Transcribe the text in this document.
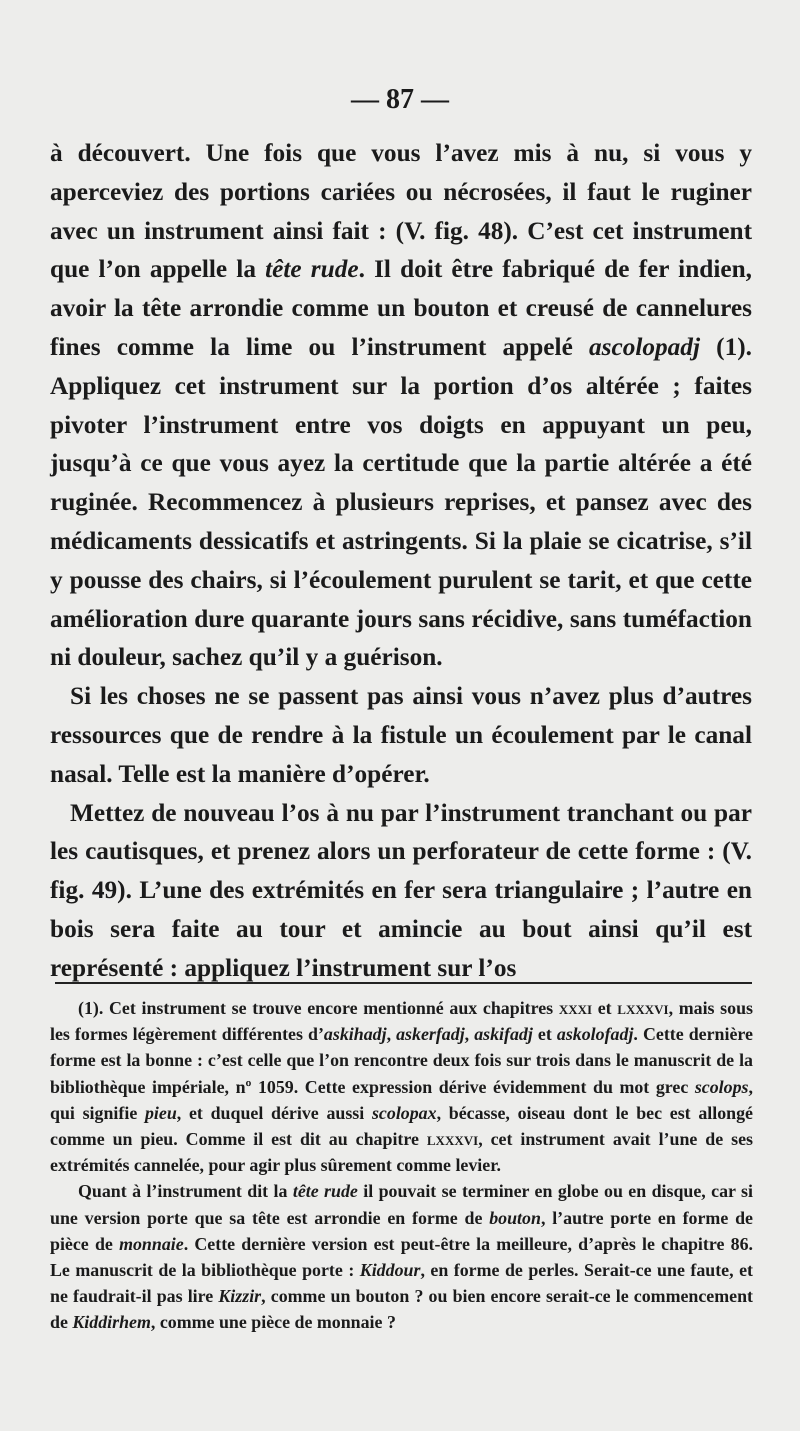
— 87 —

à découvert. Une fois que vous l’avez mis à nu, si vous y aperceviez des portions cariées ou nécrosées, il faut le ruginer avec un instrument ainsi fait : (V. fig. 48). C’est cet instrument que l’on appelle la tête rude. Il doit être fabriqué de fer indien, avoir la tête arrondie comme un bouton et creusé de cannelures fines comme la lime ou l’instrument appelé ascolopadj (1). Appliquez cet instrument sur la portion d’os altérée ; faites pivoter l’instrument entre vos doigts en appuyant un peu, jusqu’à ce que vous ayez la certitude que la partie altérée a été ruginée. Recommencez à plusieurs reprises, et pansez avec des médicaments dessicatifs et astringents. Si la plaie se cicatrise, s’il y pousse des chairs, si l’écoulement purulent se tarit, et que cette amélioration dure quarante jours sans récidive, sans tuméfaction ni douleur, sachez qu’il y a guérison.

Si les choses ne se passent pas ainsi vous n’avez plus d’autres ressources que de rendre à la fistule un écoulement par le canal nasal. Telle est la manière d’opérer.

Mettez de nouveau l’os à nu par l’instrument tranchant ou par les cautisques, et prenez alors un perforateur de cette forme : (V. fig. 49). L’une des extrémités en fer sera triangulaire ; l’autre en bois sera faite au tour et amincie au bout ainsi qu’il est représenté : appliquez l’instrument sur l’os

(1). Cet instrument se trouve encore mentionné aux chapitres xxxi et lxxxvi, mais sous les formes légèrement différentes d’askihadj, askerfadj, askifadj et askolofadj. Cette dernière forme est la bonne : c’est celle que l’on rencontre deux fois sur trois dans le manuscrit de la bibliothèque impériale, nº 1059. Cette expression dérive évidemment du mot grec scolops, qui signifie pieu, et duquel dérive aussi scolopax, bécasse, oiseau dont le bec est allongé comme un pieu. Comme il est dit au chapitre lxxxvi, cet instrument avait l’une de ses extrémités cannelée, pour agir plus sûrement comme levier.

Quant à l’instrument dit la tête rude il pouvait se terminer en globe ou en disque, car si une version porte que sa tête est arrondie en forme de bouton, l’autre porte en forme de pièce de monnaie. Cette dernière version est peut-être la meilleure, d’après le chapitre 86. Le manuscrit de la bibliothèque porte : Kiddour, en forme de perles. Serait-ce une faute, et ne faudrait-il pas lire Kizzir, comme un bouton ? ou bien encore serait-ce le commencement de Kiddirhem, comme une pièce de monnaie ?
